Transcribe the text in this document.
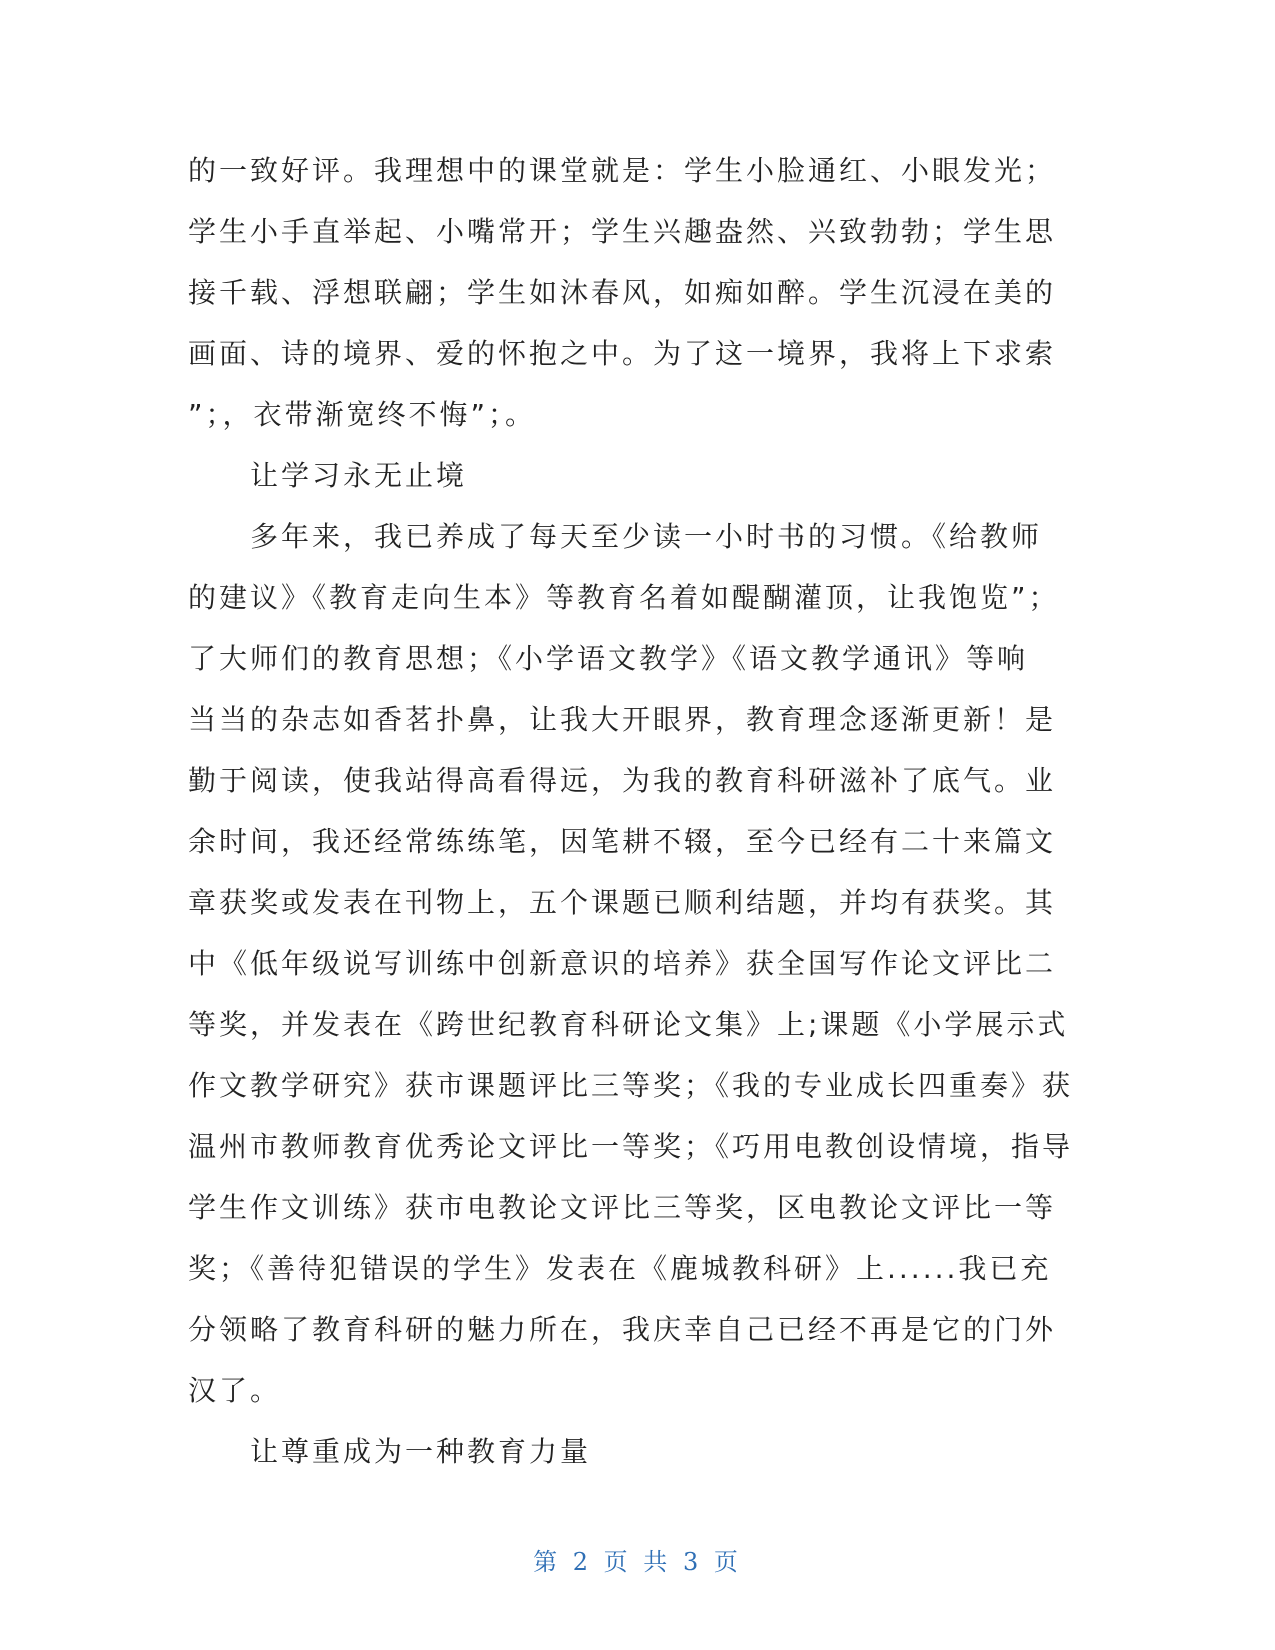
的一致好评。我理想中的课堂就是：学生小脸通红、小眼发光；
学生小手直举起、小嘴常开；学生兴趣盎然、兴致勃勃；学生思
接千载、浮想联翩；学生如沐春风，如痴如醉。学生沉浸在美的
画面、诗的境界、爱的怀抱之中。为了这一境界，我将上下求索
”；，衣带渐宽终不悔”；。
让学习永无止境
多年来，我已养成了每天至少读一小时书的习惯。《给教师
的建议》《教育走向生本》等教育名着如醍醐灌顶，让我饱览”；
了大师们的教育思想；《小学语文教学》《语文教学通讯》等响
当当的杂志如香茗扑鼻，让我大开眼界，教育理念逐渐更新！是
勤于阅读，使我站得高看得远，为我的教育科研滋补了底气。业
余时间，我还经常练练笔，因笔耕不辍，至今已经有二十来篇文
章获奖或发表在刊物上，五个课题已顺利结题，并均有获奖。其
中《低年级说写训练中创新意识的培养》获全国写作论文评比二
等奖，并发表在《跨世纪教育科研论文集》上;课题《小学展示式
作文教学研究》获市课题评比三等奖；《我的专业成长四重奏》获
温州市教师教育优秀论文评比一等奖；《巧用电教创设情境，指导
学生作文训练》获市电教论文评比三等奖，区电教论文评比一等
奖；《善待犯错误的学生》发表在《鹿城教科研》上......我已充
分领略了教育科研的魅力所在，我庆幸自己已经不再是它的门外
汉了。
让尊重成为一种教育力量
第 2 页 共 3 页
